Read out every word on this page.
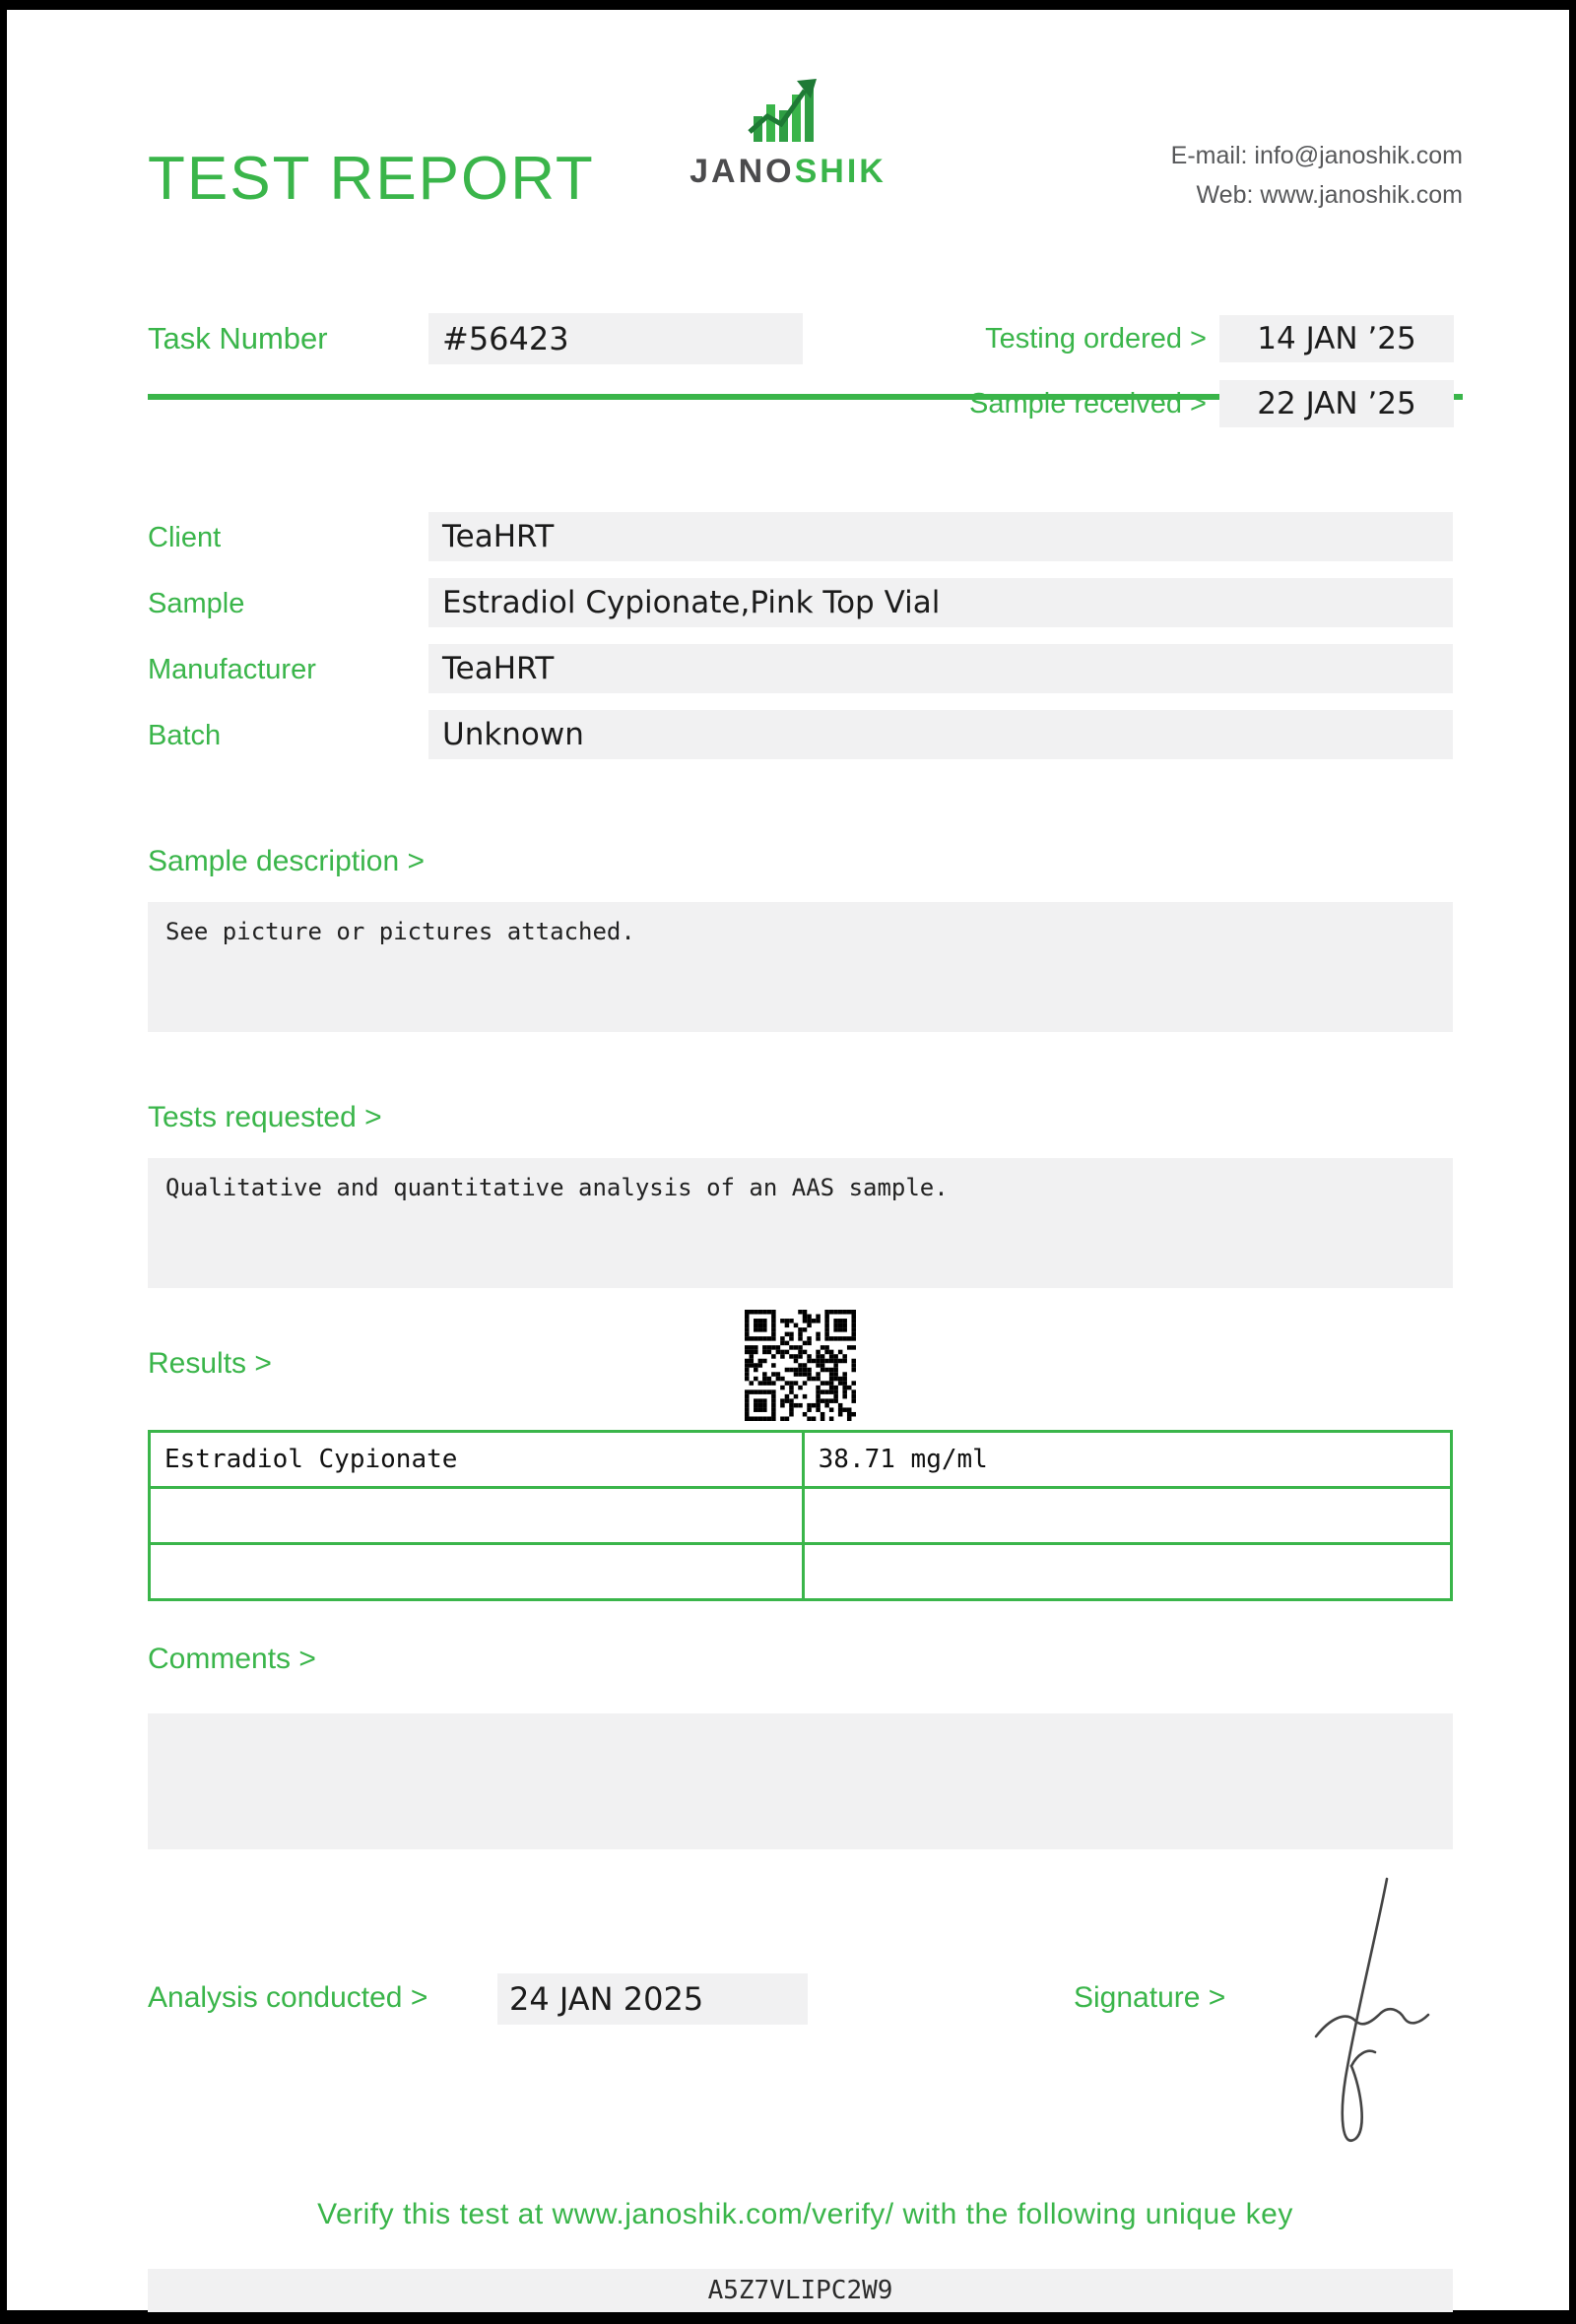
TEST REPORT	JANOSHIK	E-mail: info@janoshik.com
Web: www.janoshik.com
Task Number	#56423	Testing ordered >	14 JAN ’25
Sample received >	22 JAN ’25
Client	TeaHRT
Sample	Estradiol Cypionate,Pink Top Vial
Manufacturer	TeaHRT
Batch	Unknown
Sample description >
See picture or pictures attached.
Tests requested >
Qualitative and quantitative analysis of an AAS sample.
Results >
Estradiol Cypionate	38.71 mg/ml

Comments >
Analysis conducted >	24 JAN 2025	Signature >
Verify this test at www.janoshik.com/verify/ with the following unique key
A5Z7VLIPC2W9
